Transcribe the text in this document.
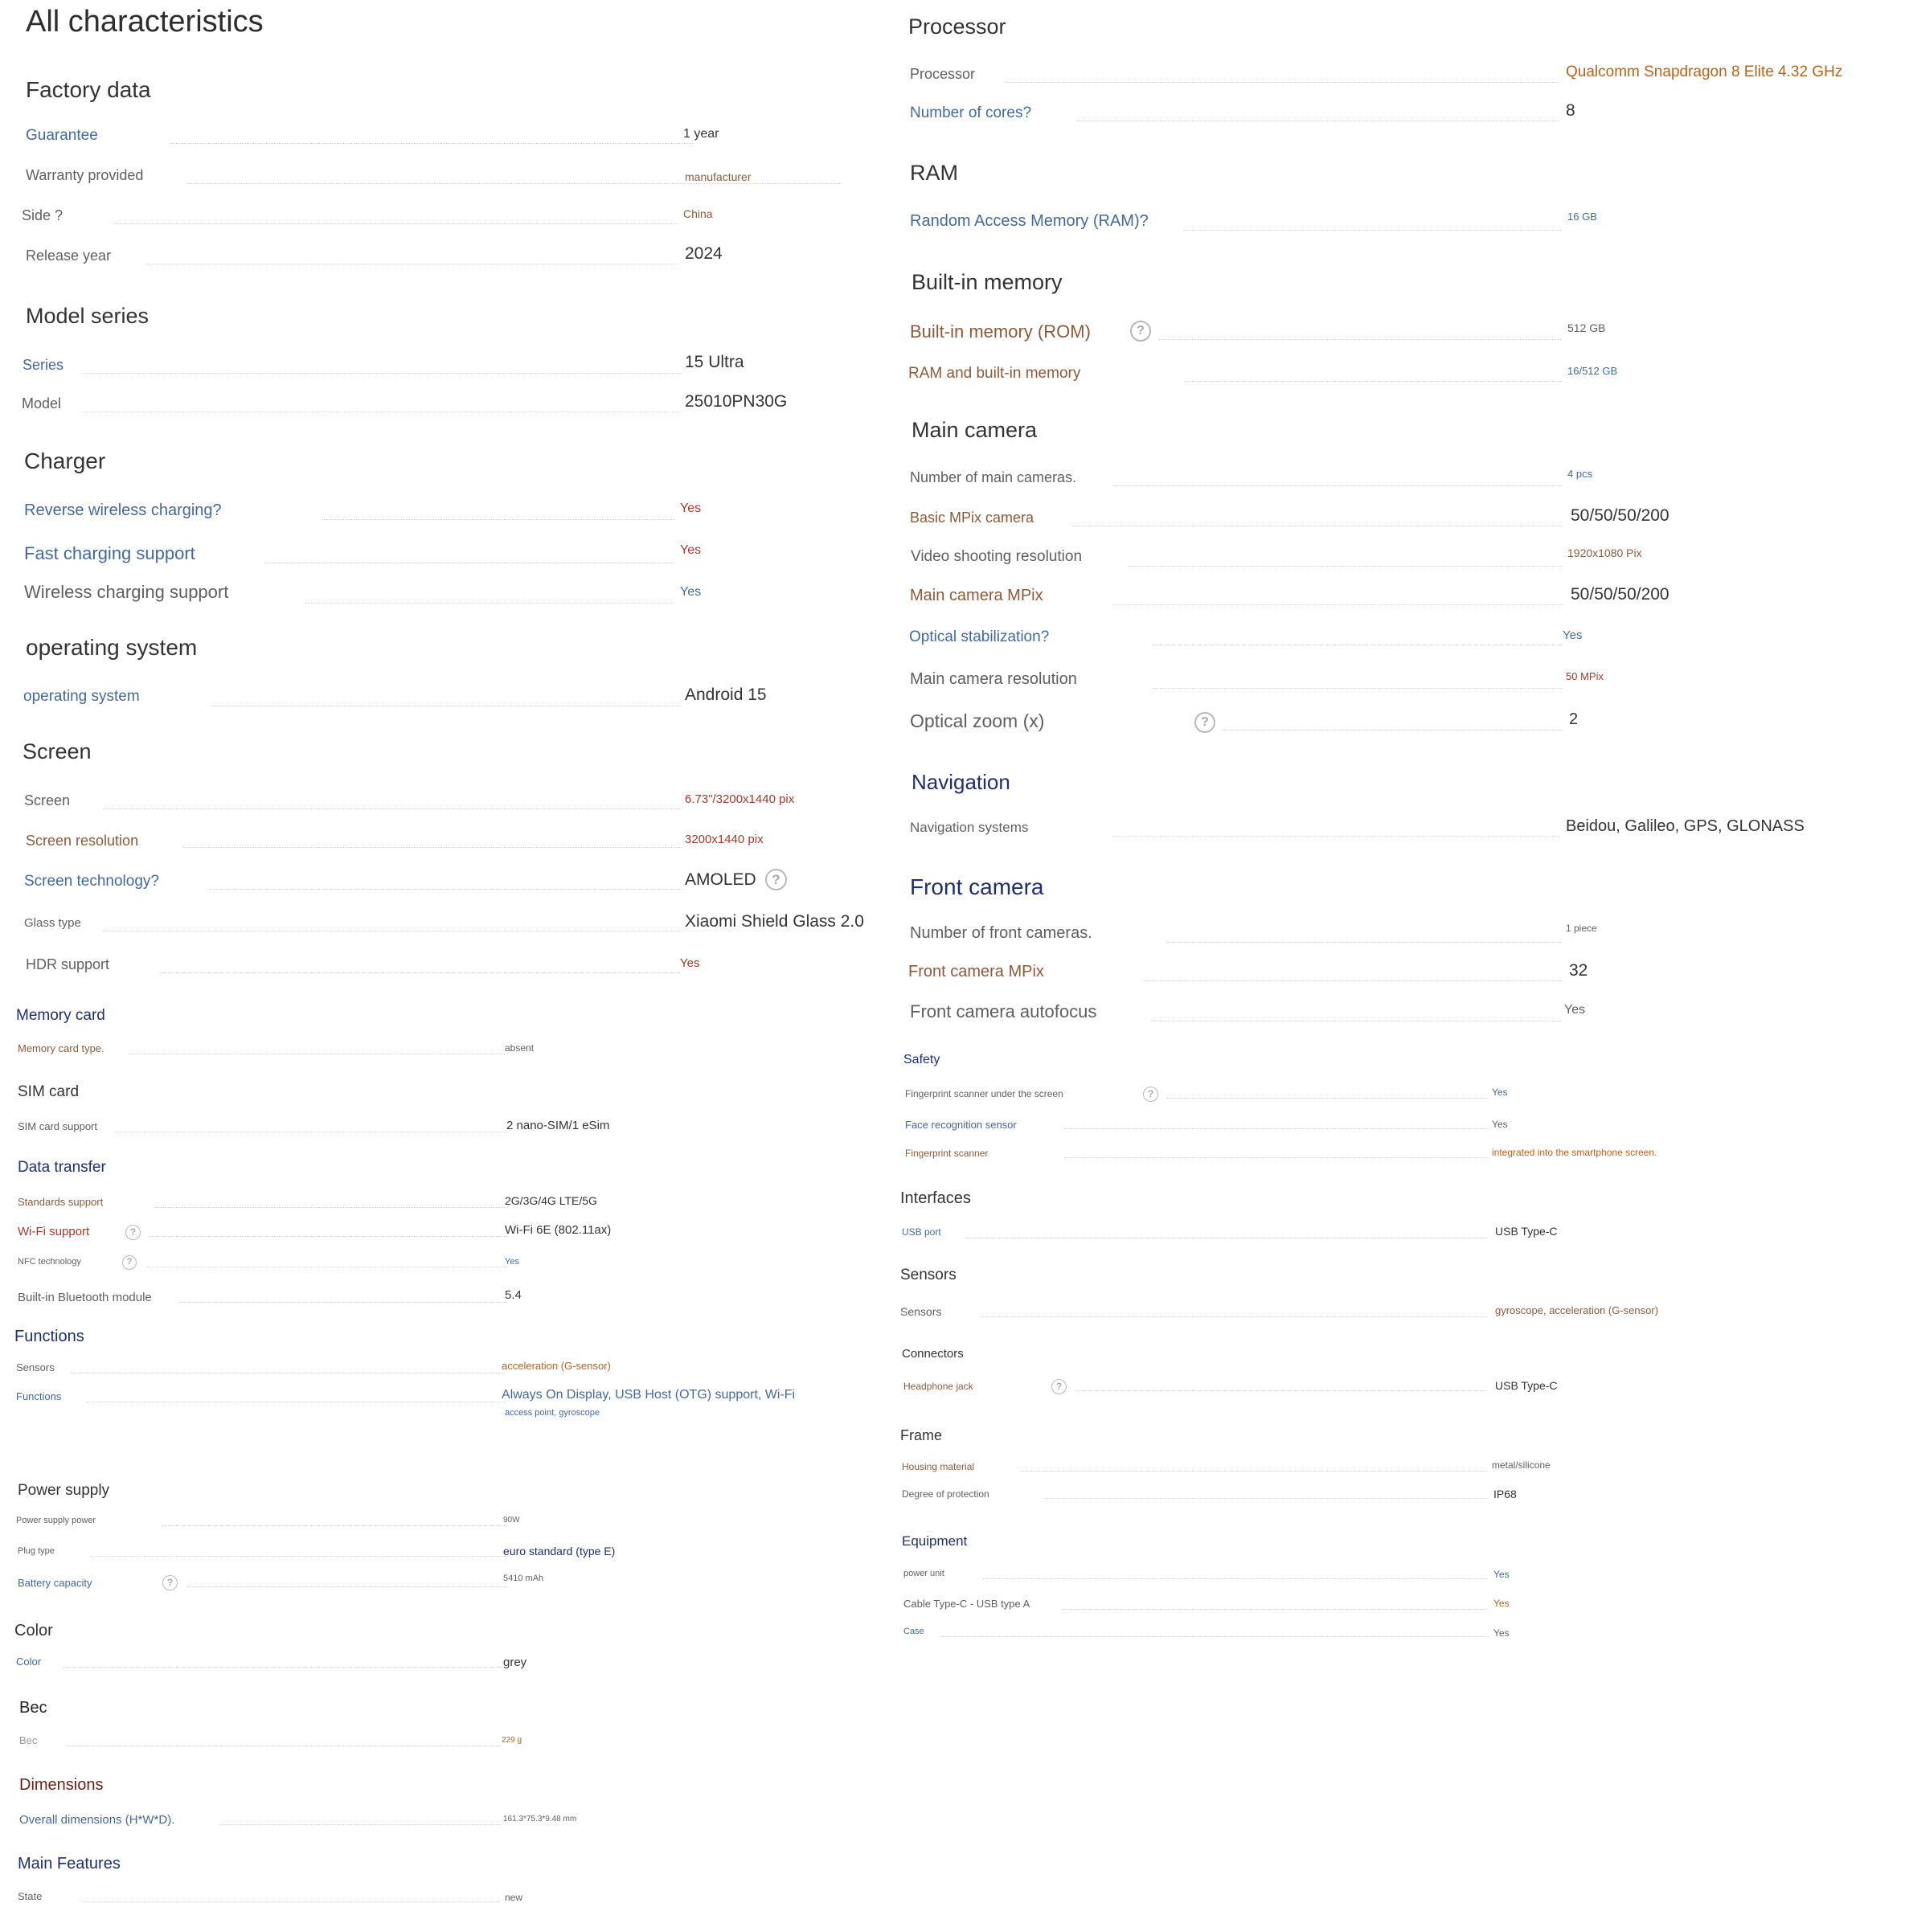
All characteristics
Factory data
Guarantee	1 year
Warranty provided	manufacturer
Side ?	China
Release year	2024
Model series
Series	15 Ultra
Model	25010PN30G
Charger
Reverse wireless charging?	Yes
Fast charging support	Yes
Wireless charging support	Yes
operating system
operating system	Android 15
Screen
Screen	6.73"/3200x1440 pix
Screen resolution	3200x1440 pix
Screen technology?	AMOLED	?
Glass type	Xiaomi Shield Glass 2.0
HDR support	Yes
Memory card
Memory card type.	absent
SIM card
SIM card support	2 nano-SIM/1 eSim
Data transfer
Standards support	2G/3G/4G LTE/5G
Wi-Fi support	?	Wi-Fi 6E (802.11ax)
NFC technology	?	Yes
Built-in Bluetooth module	5.4
Functions
Sensors	acceleration (G-sensor)
Functions	Always On Display, USB Host (OTG) support, Wi-Fi
access point, gyroscope
Power supply
Power supply power	90W
Plug type	euro standard (type E)
Battery capacity	?	5410 mAh
Color
Color	grey
Bec
Bec	229 g
Dimensions
Overall dimensions (H*W*D).	161.3*75.3*9.48 mm
Main Features
State	new
Processor
Processor	Qualcomm Snapdragon 8 Elite 4.32 GHz
Number of cores?	8
RAM
Random Access Memory (RAM)?	16 GB
Built-in memory
Built-in memory (ROM)	?	512 GB
RAM and built-in memory	16/512 GB
Main camera
Number of main cameras.	4 pcs
Basic MPix camera	50/50/50/200
Video shooting resolution	1920x1080 Pix
Main camera MPix	50/50/50/200
Optical stabilization?	Yes
Main camera resolution	50 MPix
Optical zoom (x)	?	2
Navigation
Navigation systems	Beidou, Galileo, GPS, GLONASS
Front camera
Number of front cameras.	1 piece
Front camera MPix	32
Front camera autofocus	Yes
Safety
Fingerprint scanner under the screen	?	Yes
Face recognition sensor	Yes
Fingerprint scanner	integrated into the smartphone screen.
Interfaces
USB port	USB Type-C
Sensors
Sensors	gyroscope, acceleration (G-sensor)
Connectors
Headphone jack	?	USB Type-C
Frame
Housing material	metal/silicone
Degree of protection	IP68
Equipment
power unit	Yes
Cable Type-C - USB type A	Yes
Case	Yes
